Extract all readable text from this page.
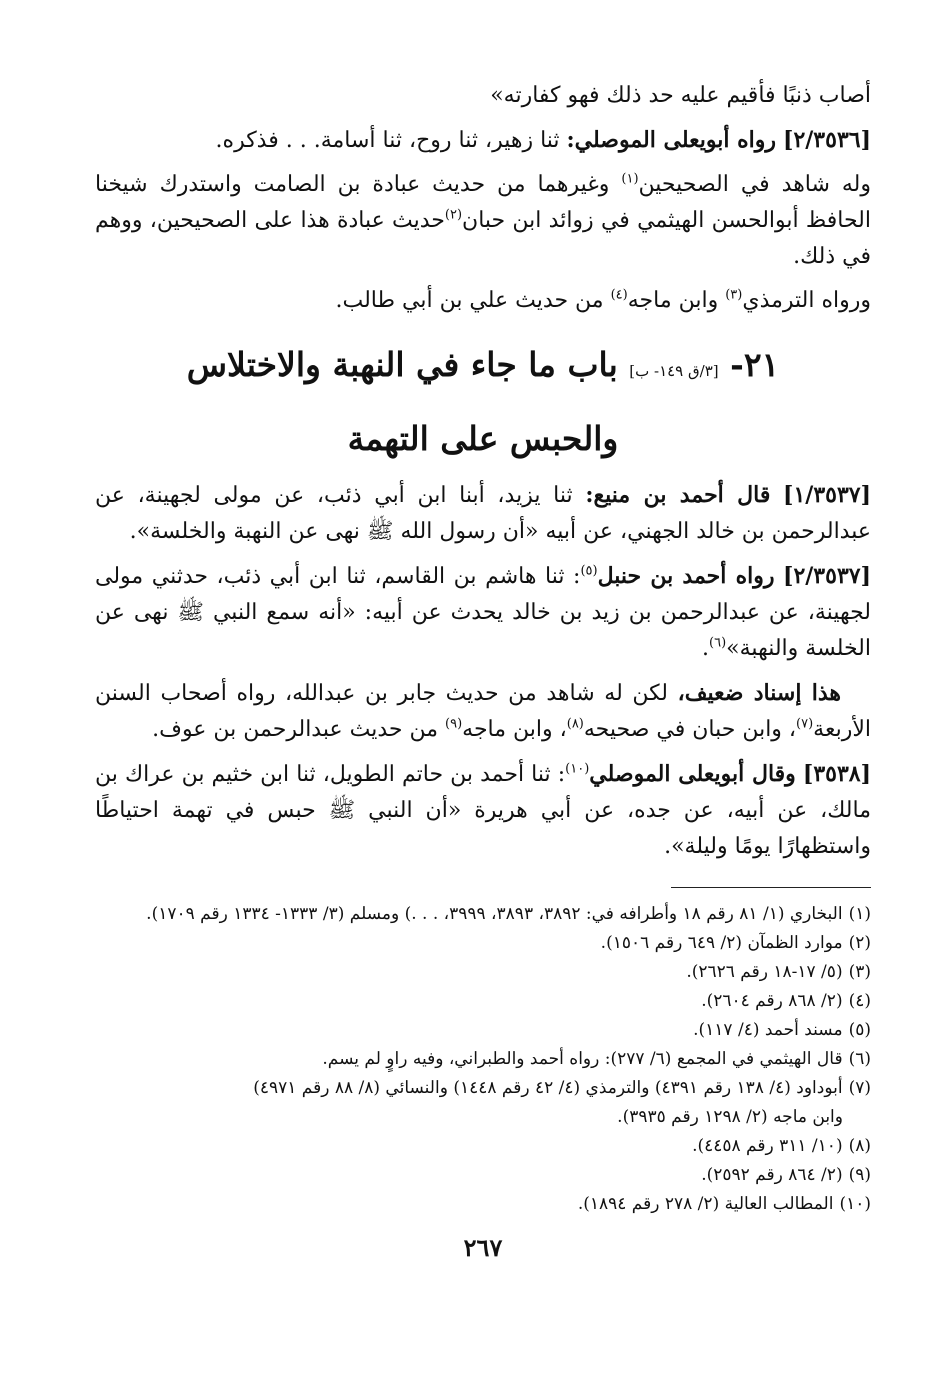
أصاب ذنبًا فأقيم عليه حد ذلك فهو كفارته»

[٢/٣٥٣٦] رواه أبويعلى الموصلي: ثنا زهير، ثنا روح، ثنا أسامة. . . فذكره.

وله شاهد في الصحيحين$^{(١)}$ وغيرهما من حديث عبادة بن الصامت واستدرك شيخنا الحافظ أبوالحسن الهيثمي في زوائد ابن حبان$^{(٢)}$حديث عبادة هذا على الصحيحين، ووهم في ذلك.

ورواه الترمذي$^{(٣)}$ وابن ماجه$^{(٤)}$ من حديث علي بن أبي طالب.

٢١- [٣/ق ١٤٩- ب] باب ما جاء في النهبة والاختلاس

والحبس على التهمة

[١/٣٥٣٧] قال أحمد بن منيع: ثنا يزيد، أبنا ابن أبي ذئب، عن مولى لجهينة، عن عبدالرحمن بن خالد الجهني، عن أبيه «أن رسول الله ﷺ نهى عن النهبة والخلسة».

[٢/٣٥٣٧] رواه أحمد بن حنبل$^{(٥)}$: ثنا هاشم بن القاسم، ثنا ابن أبي ذئب، حدثني مولى لجهينة، عن عبدالرحمن بن زيد بن خالد يحدث عن أبيه: «أنه سمع النبي ﷺ نهى عن الخلسة والنهبة»$^{(٦)}$.

هذا إسناد ضعيف، لكن له شاهد من حديث جابر بن عبدالله، رواه أصحاب السنن الأربعة$^{(٧)}$، وابن حبان في صحيحه$^{(٨)}$، وابن ماجه$^{(٩)}$ من حديث عبدالرحمن بن عوف.

[٣٥٣٨] وقال أبويعلى الموصلي$^{(١٠)}$: ثنا أحمد بن حاتم الطويل، ثنا ابن خثيم بن عراك بن مالك، عن أبيه، عن جده، عن أبي هريرة «أن النبي ﷺ حبس في تهمة احتياطًا واستظهارًا يومًا وليلة».

(١)البخاري (١/ ٨١ رقم ١٨ وأطرافه في: ٣٨٩٢، ٣٨٩٣، ٣٩٩٩، . . .) ومسلم (٣/ ١٣٣٣- ١٣٣٤ رقم ١٧٠٩).

(٢)موارد الظمآن (٢/ ٦٤٩ رقم ١٥٠٦).

(٣)(٥/ ١٧-١٨ رقم ٢٦٢٦).

(٤)(٢/ ٨٦٨ رقم ٢٦٠٤).

(٥)مسند أحمد (٤/ ١١٧).

(٦)قال الهيثمي في المجمع (٦/ ٢٧٧): رواه أحمد والطبراني، وفيه راوٍ لم يسم.

(٧)أبوداود (٤/ ١٣٨ رقم ٤٣٩١) والترمذي (٤/ ٤٢ رقم ١٤٤٨) والنسائي (٨/ ٨٨ رقم ٤٩٧١)

وابن ماجه (٢/ ١٢٩٨ رقم ٣٩٣٥).

(٨)(١٠/ ٣١١ رقم ٤٤٥٨).

(٩)(٢/ ٨٦٤ رقم ٢٥٩٢).

(١٠)المطالب العالية (٢/ ٢٧٨ رقم ١٨٩٤).

٢٦٧
